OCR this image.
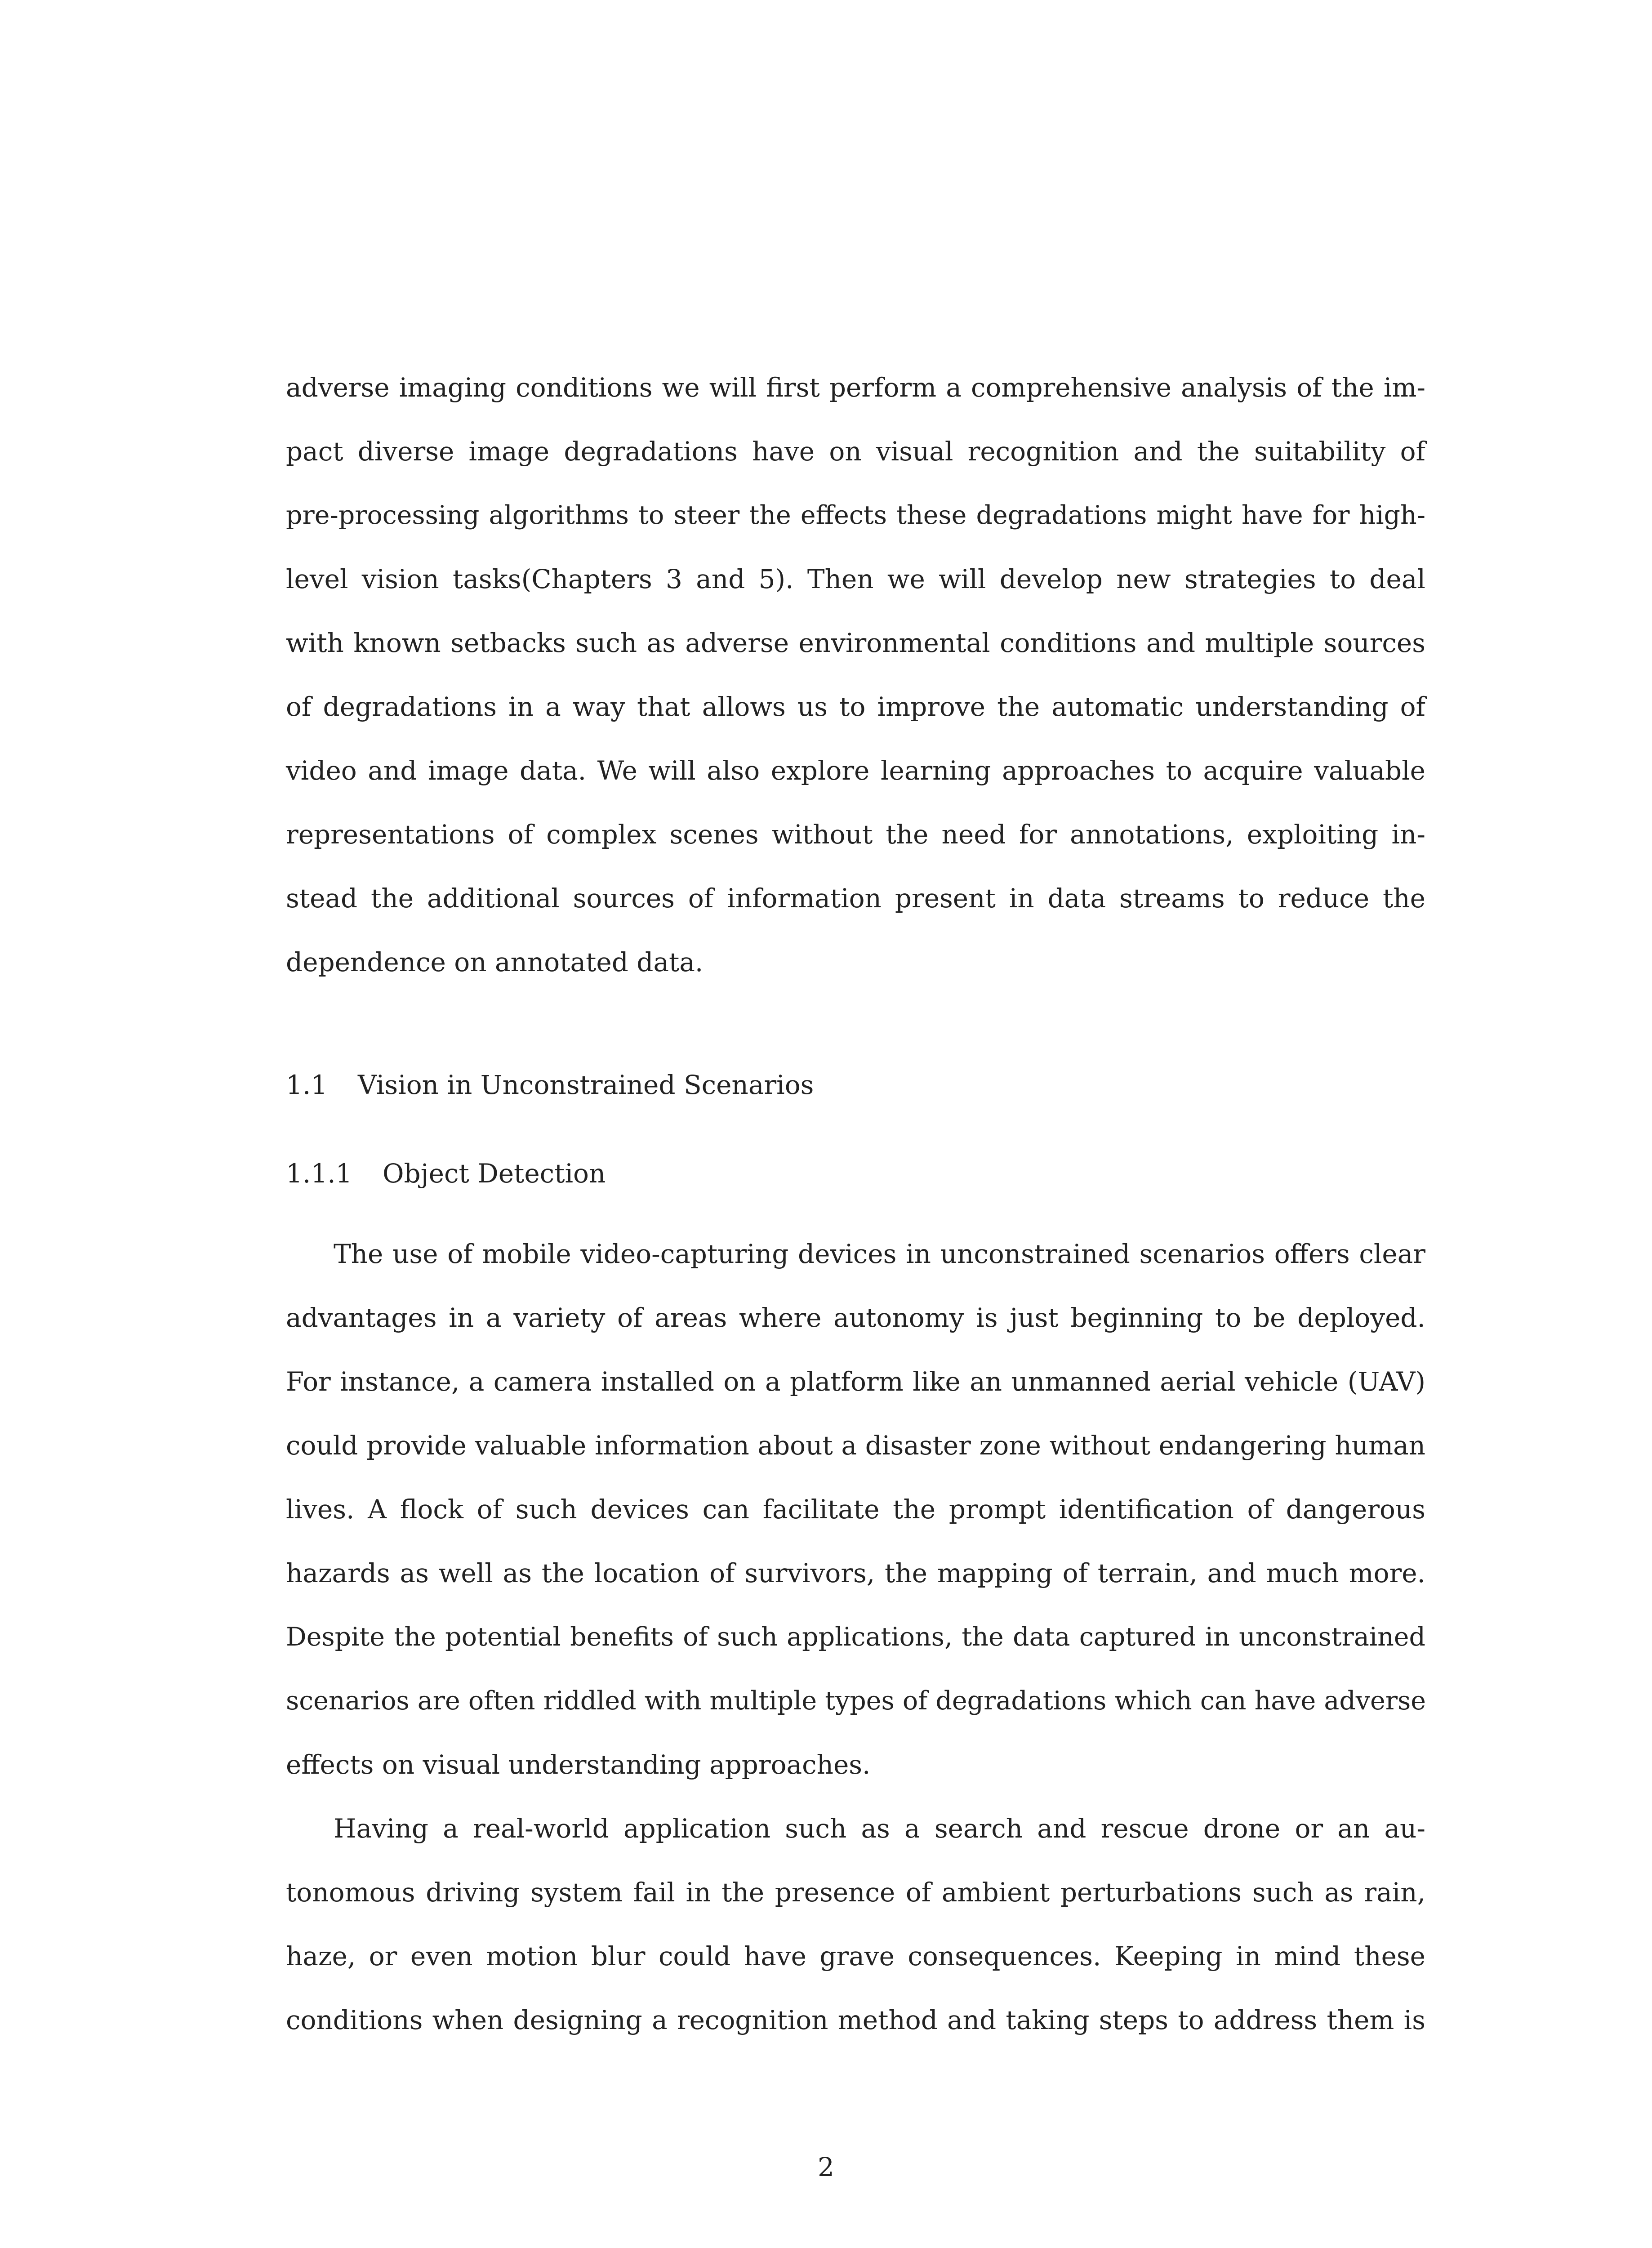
adverse imaging conditions we will first perform a comprehensive analysis of the im-
pact diverse image degradations have on visual recognition and the suitability of
pre-processing algorithms to steer the effects these degradations might have for high-
level vision tasks(Chapters 3 and 5). Then we will develop new strategies to deal
with known setbacks such as adverse environmental conditions and multiple sources
of degradations in a way that allows us to improve the automatic understanding of
video and image data. We will also explore learning approaches to acquire valuable
representations of complex scenes without the need for annotations, exploiting in-
stead the additional sources of information present in data streams to reduce the
dependence on annotated data.
1.1 Vision in Unconstrained Scenarios
1.1.1 Object Detection
The use of mobile video-capturing devices in unconstrained scenarios offers clear
advantages in a variety of areas where autonomy is just beginning to be deployed.
For instance, a camera installed on a platform like an unmanned aerial vehicle (UAV)
could provide valuable information about a disaster zone without endangering human
lives. A flock of such devices can facilitate the prompt identification of dangerous
hazards as well as the location of survivors, the mapping of terrain, and much more.
Despite the potential benefits of such applications, the data captured in unconstrained
scenarios are often riddled with multiple types of degradations which can have adverse
effects on visual understanding approaches.
Having a real-world application such as a search and rescue drone or an au-
tonomous driving system fail in the presence of ambient perturbations such as rain,
haze, or even motion blur could have grave consequences. Keeping in mind these
conditions when designing a recognition method and taking steps to address them is
2
